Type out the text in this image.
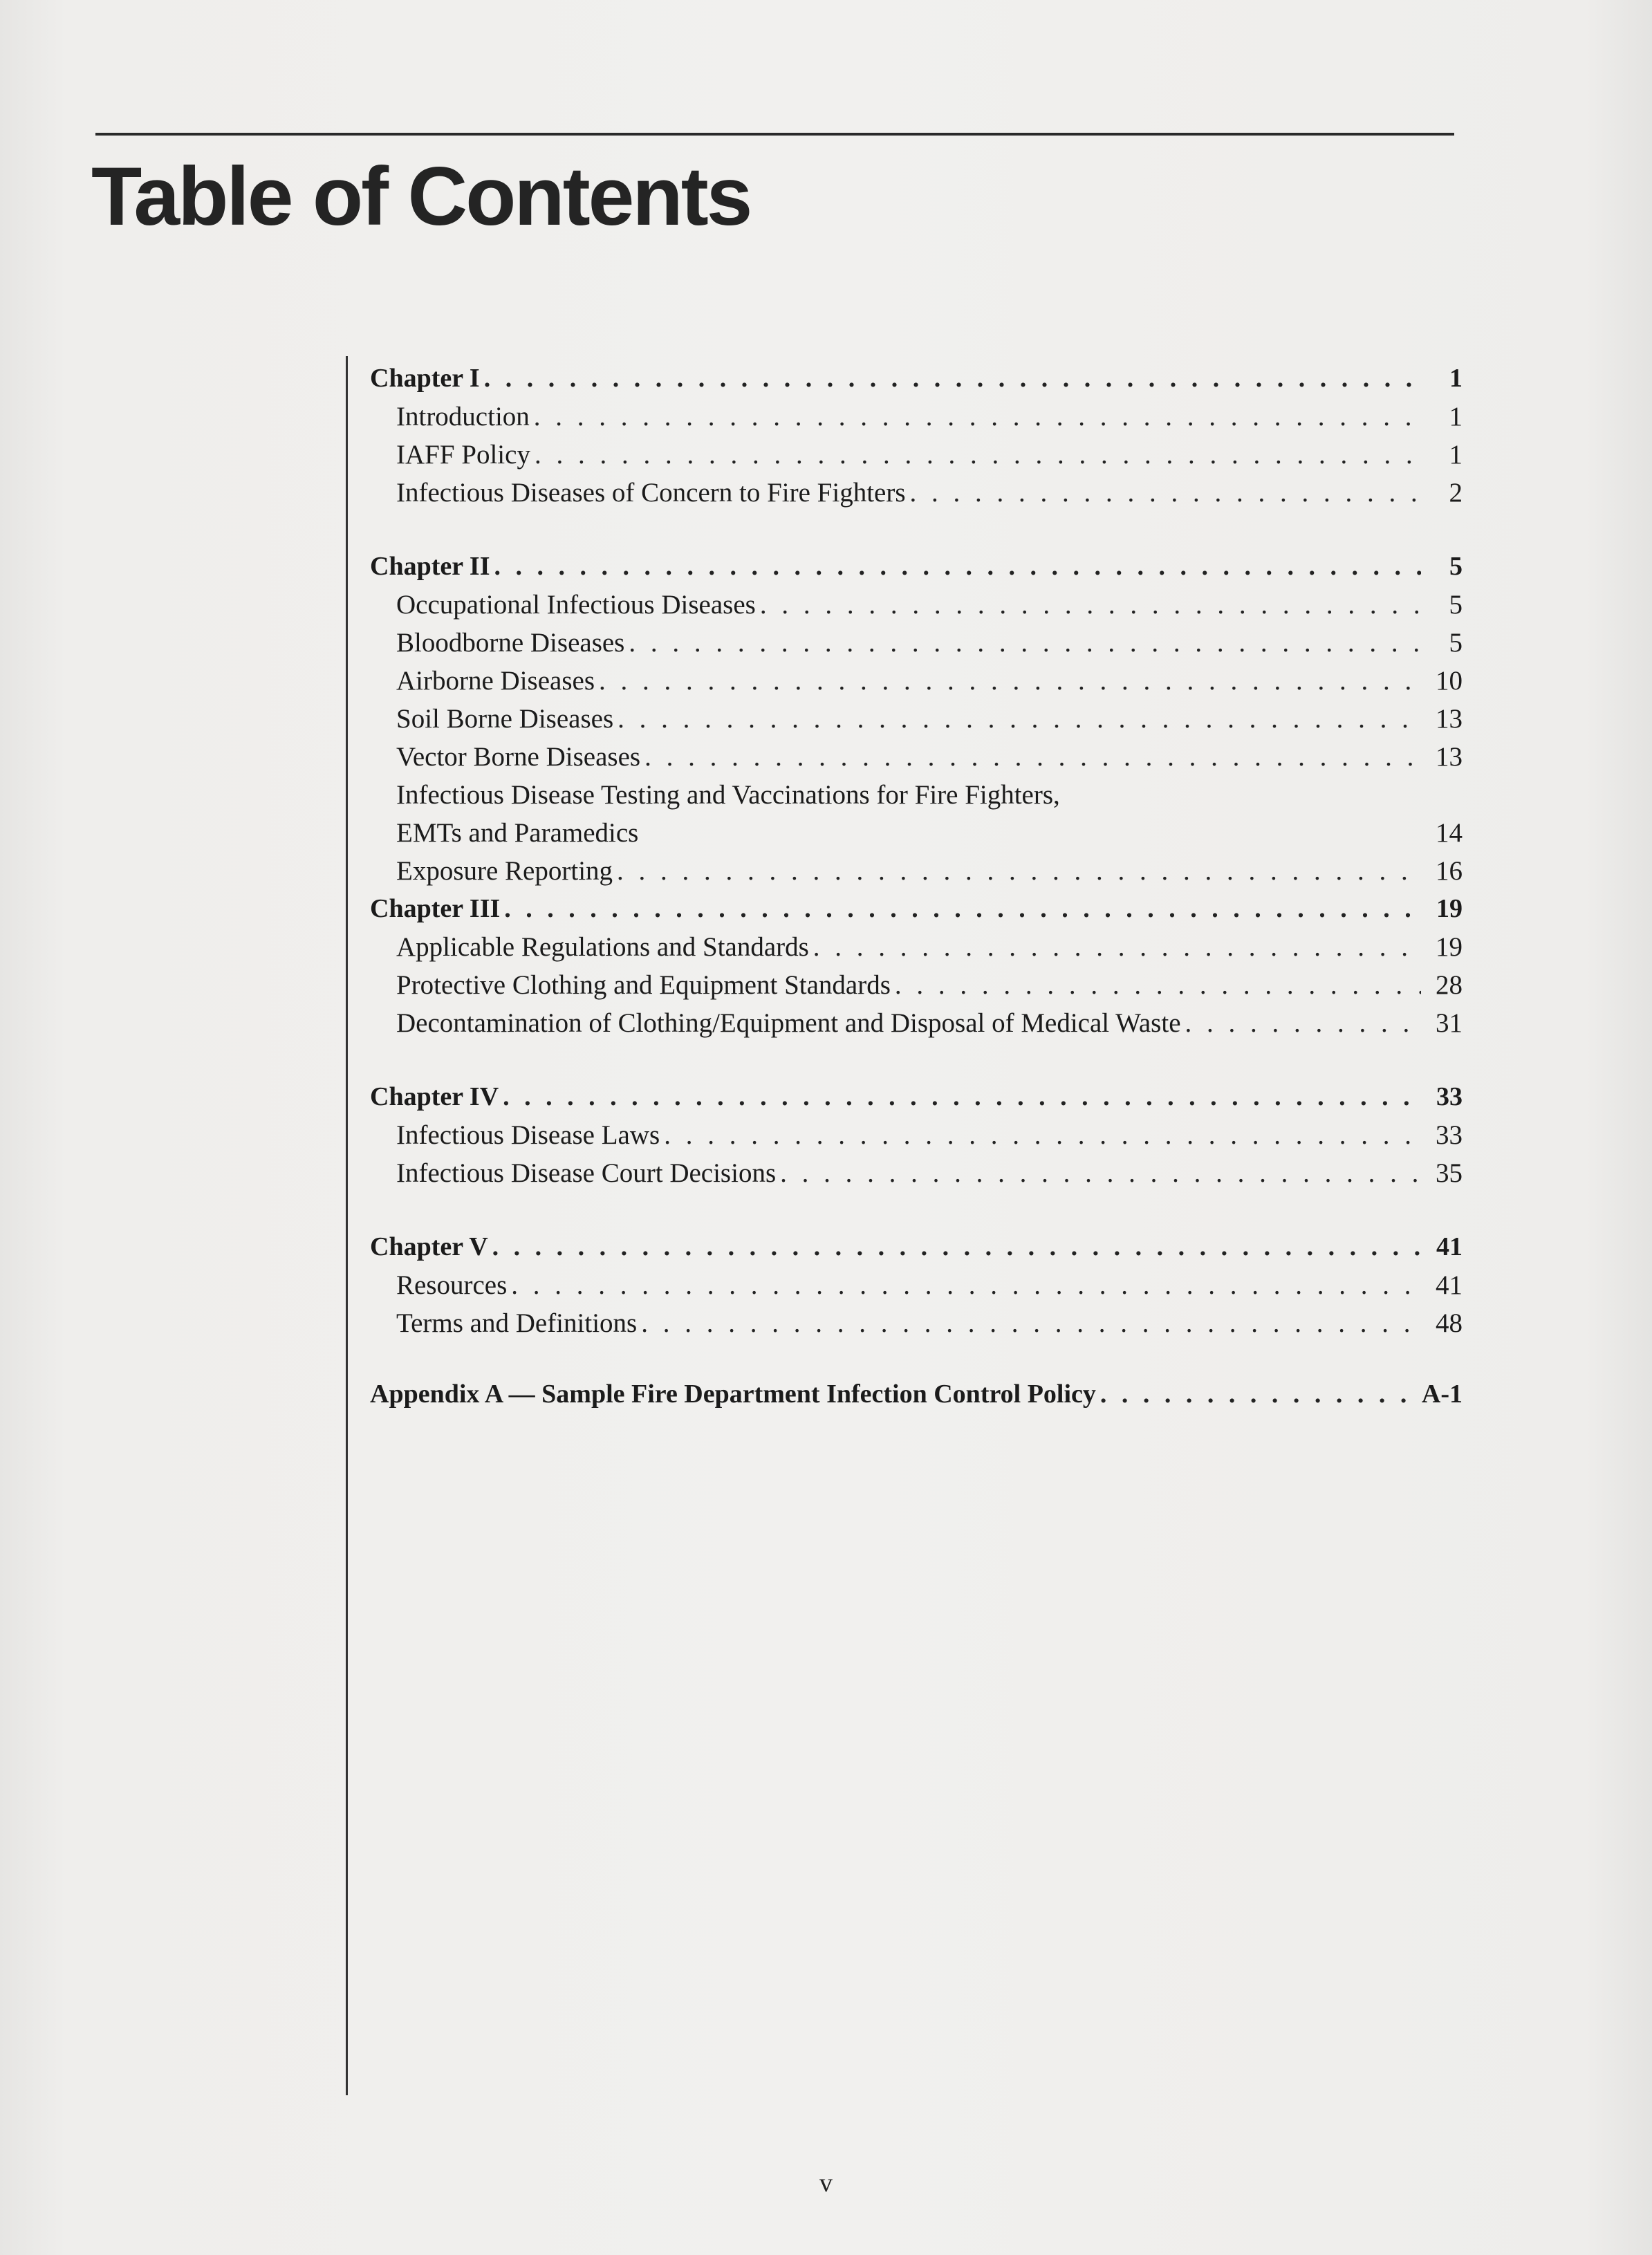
Table of Contents
Chapter I . . .	1
Introduction . . .	1
IAFF Policy . . .	1
Infectious Diseases of Concern to Fire Fighters . . .	2
Chapter II . . .	5
Occupational Infectious Diseases . . .	5
Bloodborne Diseases . . .	5
Airborne Diseases . . .	10
Soil Borne Diseases . . .	13
Vector Borne Diseases . . .	13
Infectious Disease Testing and Vaccinations for Fire Fighters,
EMTs and Paramedics	14
Exposure Reporting . . .	16
Chapter III . . .	19
Applicable Regulations and Standards . . .	19
Protective Clothing and Equipment Standards . . .	28
Decontamination of Clothing/Equipment and Disposal of Medical Waste . . .	31
Chapter IV . . .	33
Infectious Disease Laws . . .	33
Infectious Disease Court Decisions . . .	35
Chapter V . . .	41
Resources . . .	41
Terms and Definitions . . .	48
Appendix A — Sample Fire Department Infection Control Policy . . .	A-1
v
